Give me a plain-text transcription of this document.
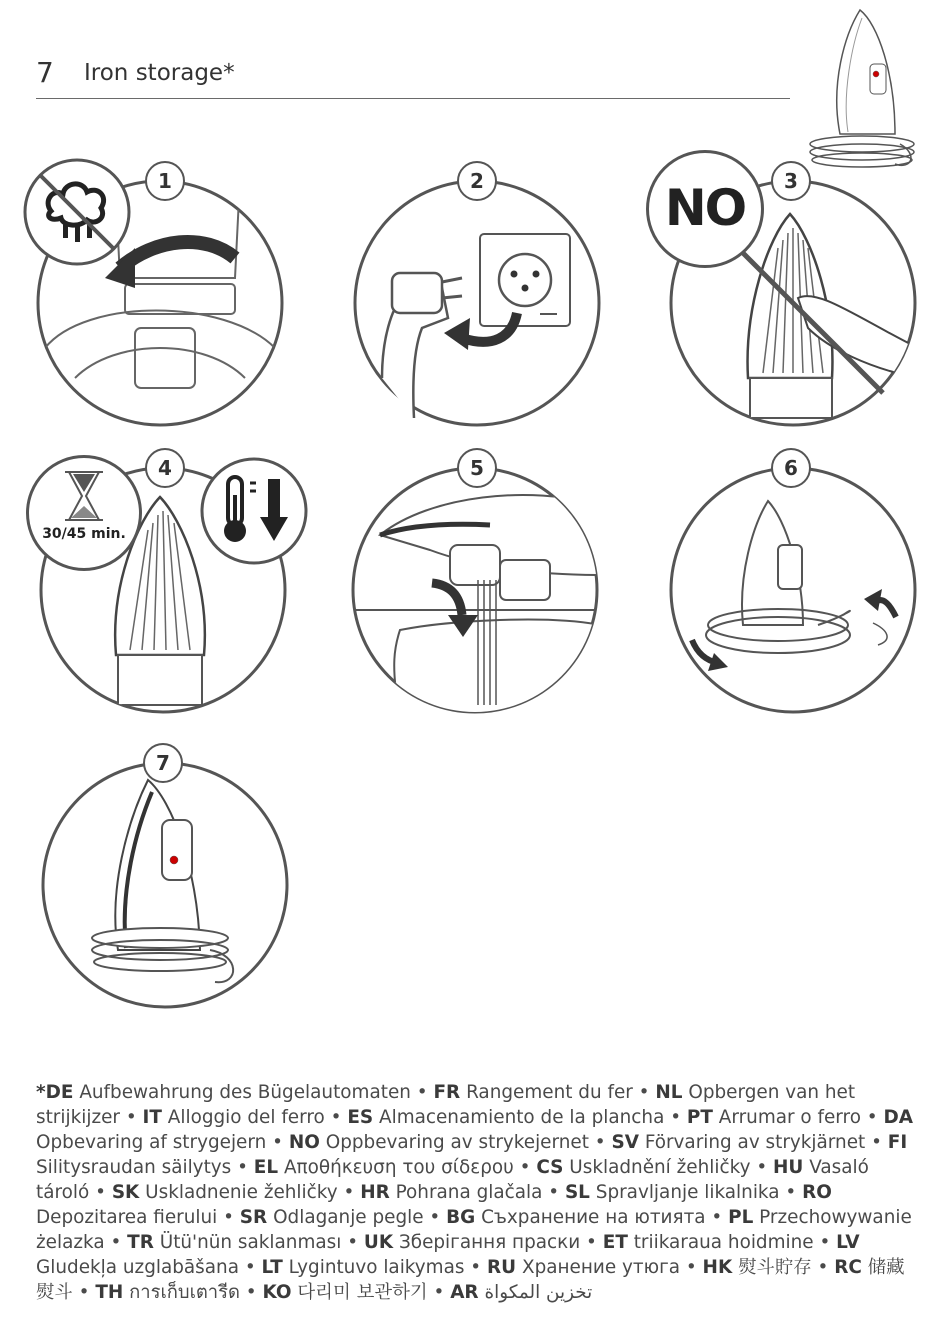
7 Iron storage*
1	2	3
NO
4
30/45 min.
5	6
7
*DE Aufbewahrung des Bügelautomaten • FR Rangement du fer • NL Opbergen van het strijkijzer • IT Alloggio del ferro • ES Almacenamiento de la plancha • PT Arrumar o ferro • DA Opbevaring af strygejern • NO Oppbevaring av strykejernet • SV Förvaring av strykjärnet • FI Silitysraudan säilytys • EL Αποθήκευση του σίδερου • CS Uskladnění žehličky • HU Vasaló tároló • SK Uskladnenie žehličky • HR Pohrana glačala • SL Spravljanje likalnika • RO Depozitarea fierului • SR Odlaganje pegle • BG Съхранение на ютията • PL Przechowywanie żelazka • TR Ütü'nün saklanması • UK Зберігання праски • ET triikaraua hoidmine • LV Gludekļa uzglabāšana • LT Lygintuvo laikymas • RU Хранение утюга • HK 熨斗貯存 • RC 储藏熨斗 • TH การเก็บเตารีด • KO 다리미 보관하기 • AR تخزين المكواة
